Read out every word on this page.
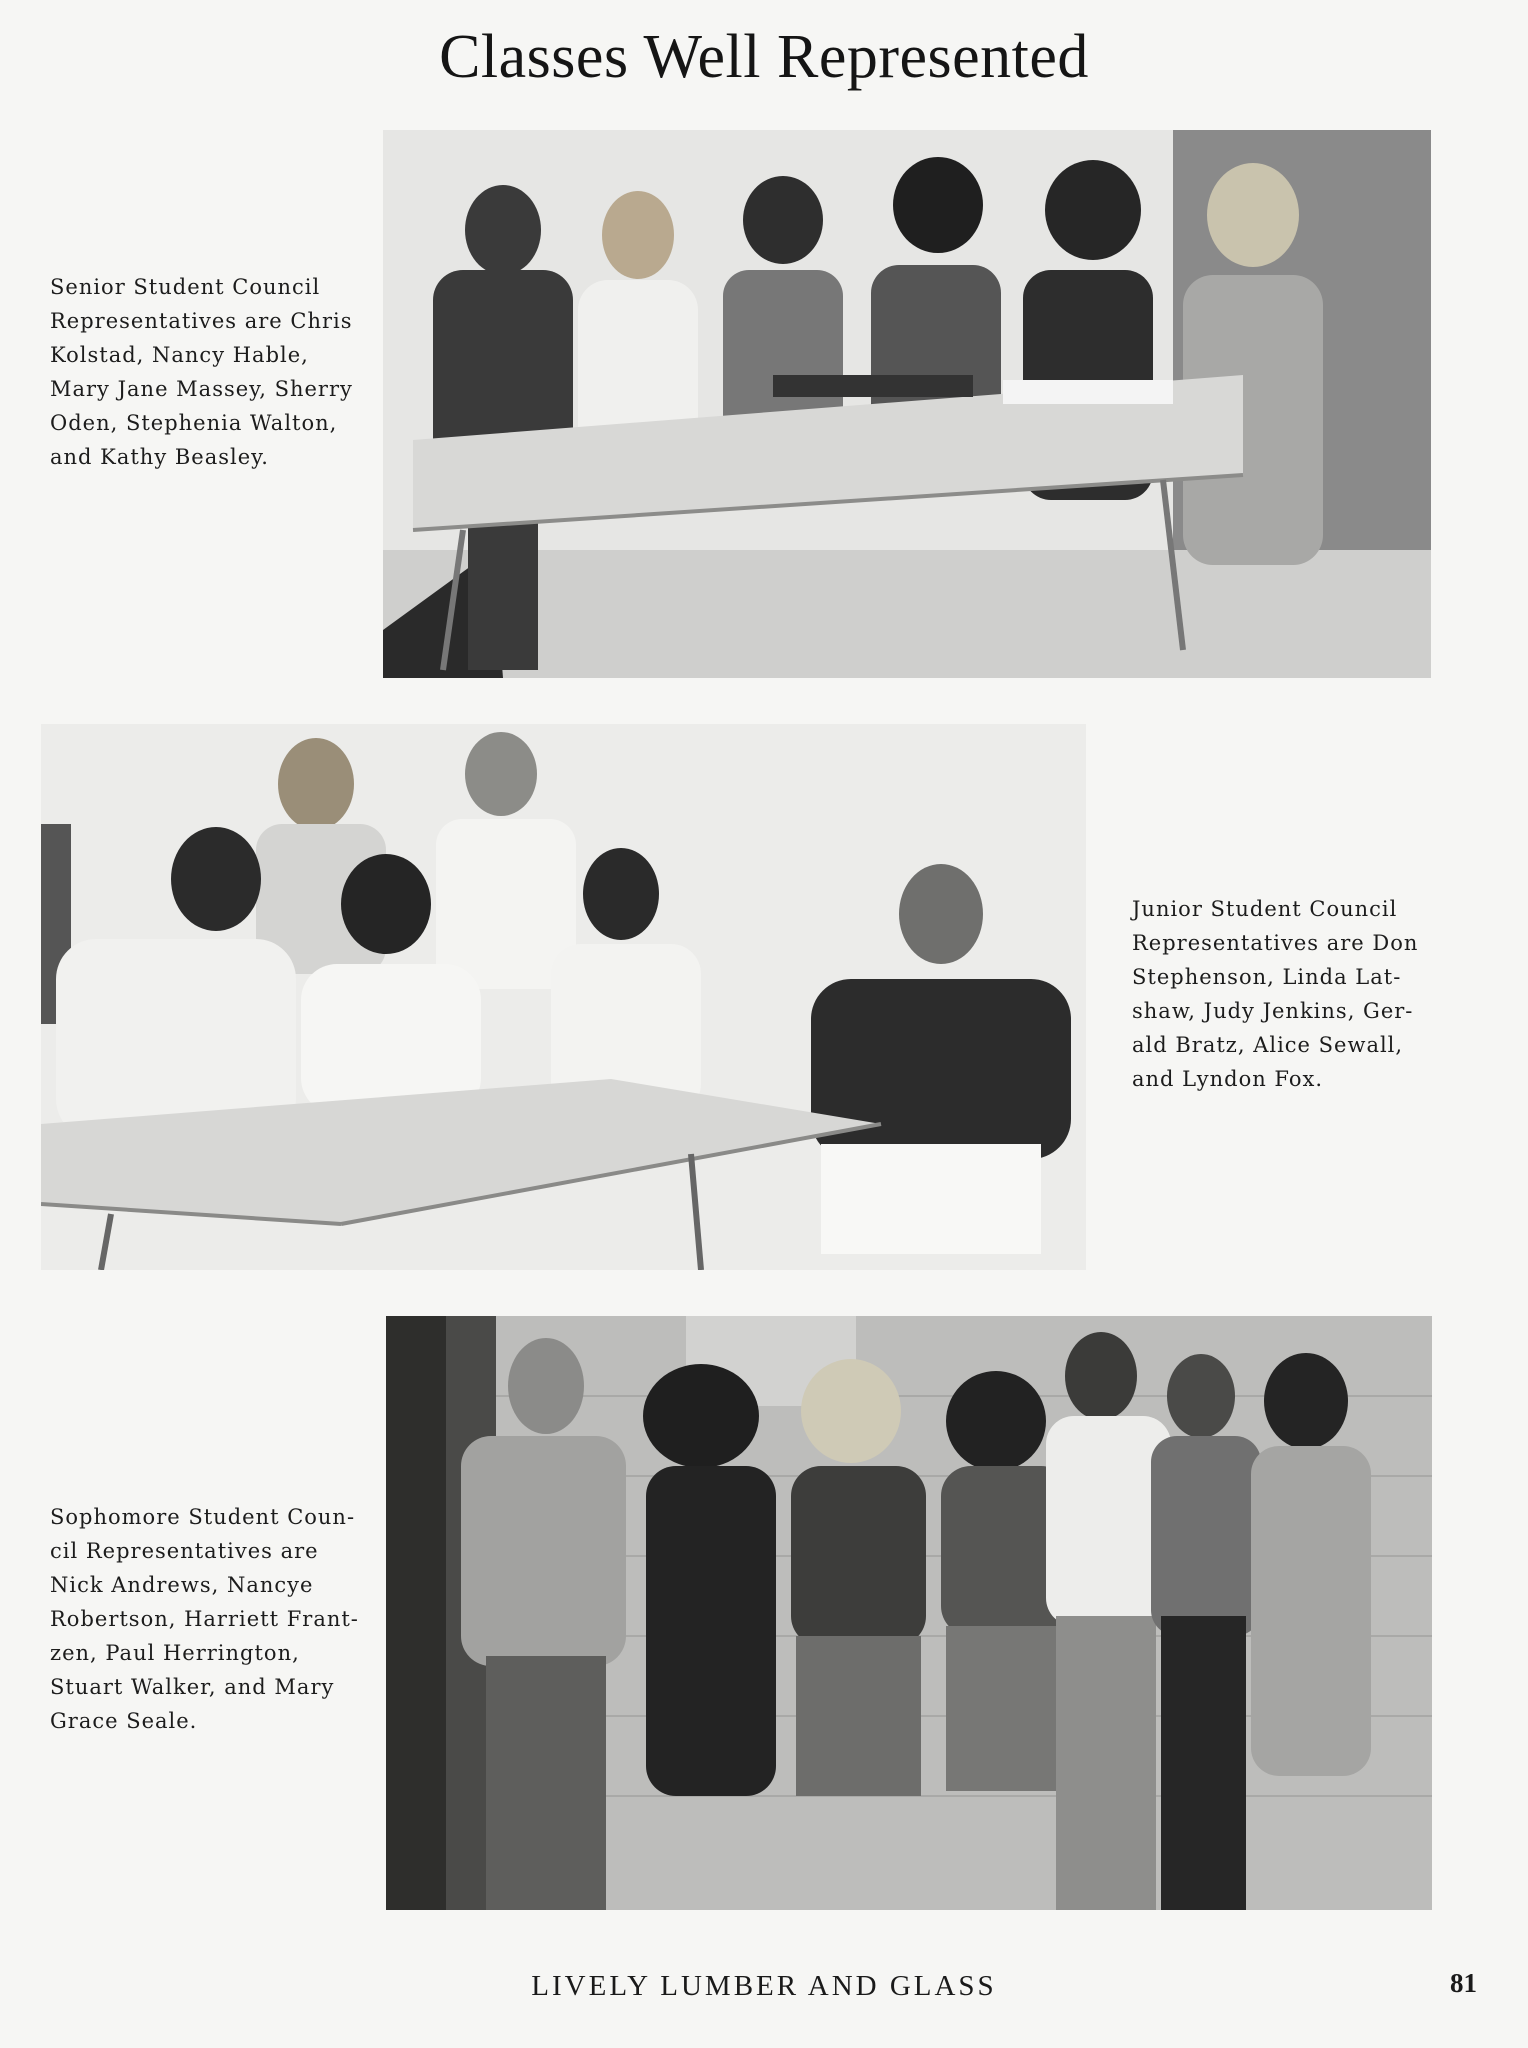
Classes Well Represented
Senior Student Council
Representatives are Chris
Kolstad, Nancy Hable,
Mary Jane Massey, Sherry
Oden, Stephenia Walton,
and Kathy Beasley.
Junior Student Council
Representatives are Don
Stephenson, Linda Lat-
shaw, Judy Jenkins, Ger-
ald Bratz, Alice Sewall,
and Lyndon Fox.
Sophomore Student Coun-
cil Representatives are
Nick Andrews, Nancye
Robertson, Harriett Frant-
zen, Paul Herrington,
Stuart Walker, and Mary
Grace Seale.
LIVELY LUMBER AND GLASS	81
